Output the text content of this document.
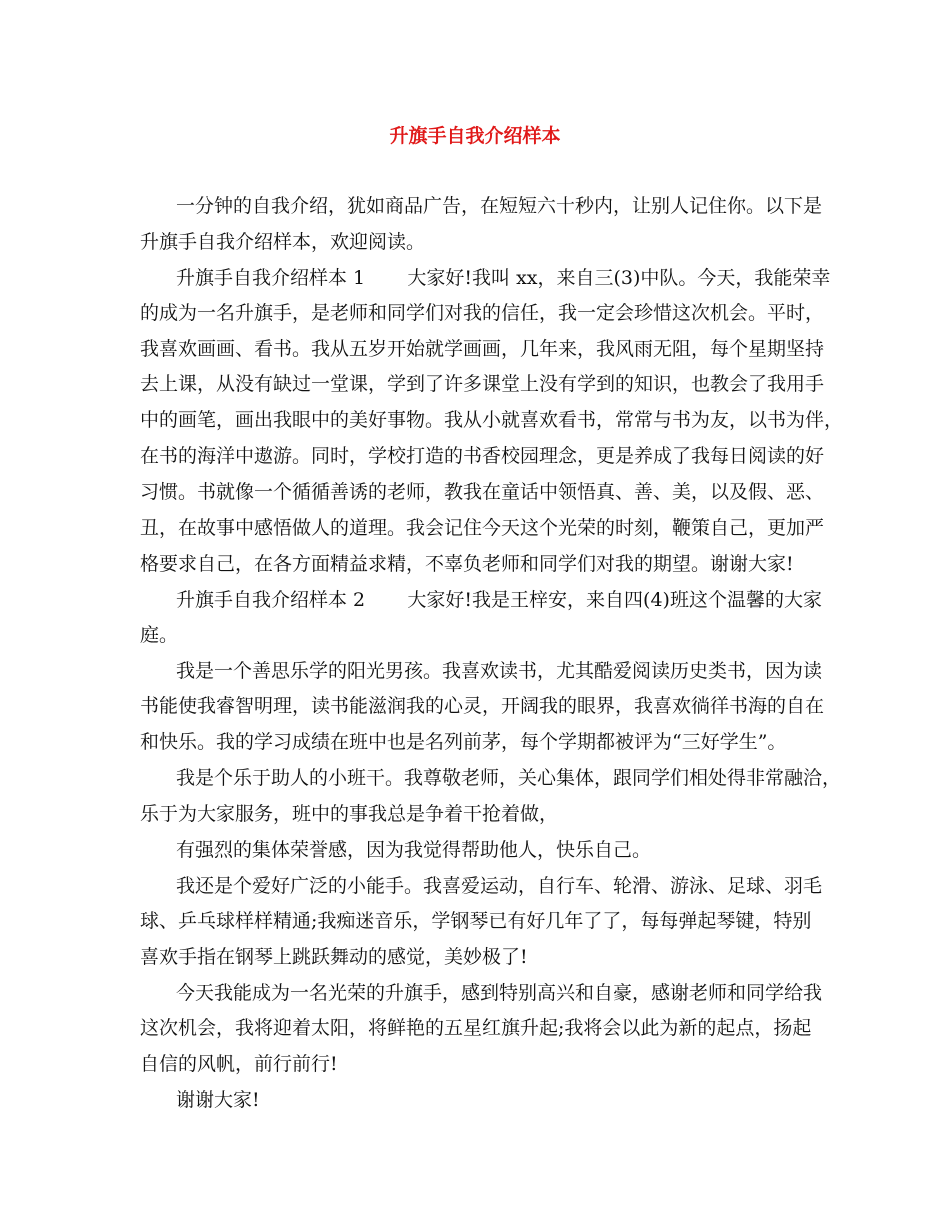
升旗手自我介绍样本
一分钟的自我介绍，犹如商品广告，在短短六十秒内，让别人记住你。以下是
升旗手自我介绍样本，欢迎阅读。
升旗手自我介绍样本 1       大家好!我叫 xx，来自三(3)中队。今天，我能荣幸
的成为一名升旗手，是老师和同学们对我的信任，我一定会珍惜这次机会。平时，
我喜欢画画、看书。我从五岁开始就学画画，几年来，我风雨无阻，每个星期坚持
去上课，从没有缺过一堂课，学到了许多课堂上没有学到的知识，也教会了我用手
中的画笔，画出我眼中的美好事物。我从小就喜欢看书，常常与书为友，以书为伴，
在书的海洋中遨游。同时，学校打造的书香校园理念，更是养成了我每日阅读的好
习惯。书就像一个循循善诱的老师，教我在童话中领悟真、善、美，以及假、恶、
丑，在故事中感悟做人的道理。我会记住今天这个光荣的时刻，鞭策自己，更加严
格要求自己，在各方面精益求精，不辜负老师和同学们对我的期望。谢谢大家!
升旗手自我介绍样本 2       大家好!我是王梓安，来自四(4)班这个温馨的大家
庭。
我是一个善思乐学的阳光男孩。我喜欢读书，尤其酷爱阅读历史类书，因为读
书能使我睿智明理，读书能滋润我的心灵，开阔我的眼界，我喜欢徜徉书海的自在
和快乐。我的学习成绩在班中也是名列前茅，每个学期都被评为“三好学生”。
我是个乐于助人的小班干。我尊敬老师，关心集体，跟同学们相处得非常融洽，
乐于为大家服务，班中的事我总是争着干抢着做，
有强烈的集体荣誉感，因为我觉得帮助他人，快乐自己。
我还是个爱好广泛的小能手。我喜爱运动，自行车、轮滑、游泳、足球、羽毛
球、乒乓球样样精通;我痴迷音乐，学钢琴已有好几年了了，每每弹起琴键，特别
喜欢手指在钢琴上跳跃舞动的感觉，美妙极了!
今天我能成为一名光荣的升旗手，感到特别高兴和自豪，感谢老师和同学给我
这次机会，我将迎着太阳，将鲜艳的五星红旗升起;我将会以此为新的起点，扬起
自信的风帆，前行前行!
谢谢大家!
